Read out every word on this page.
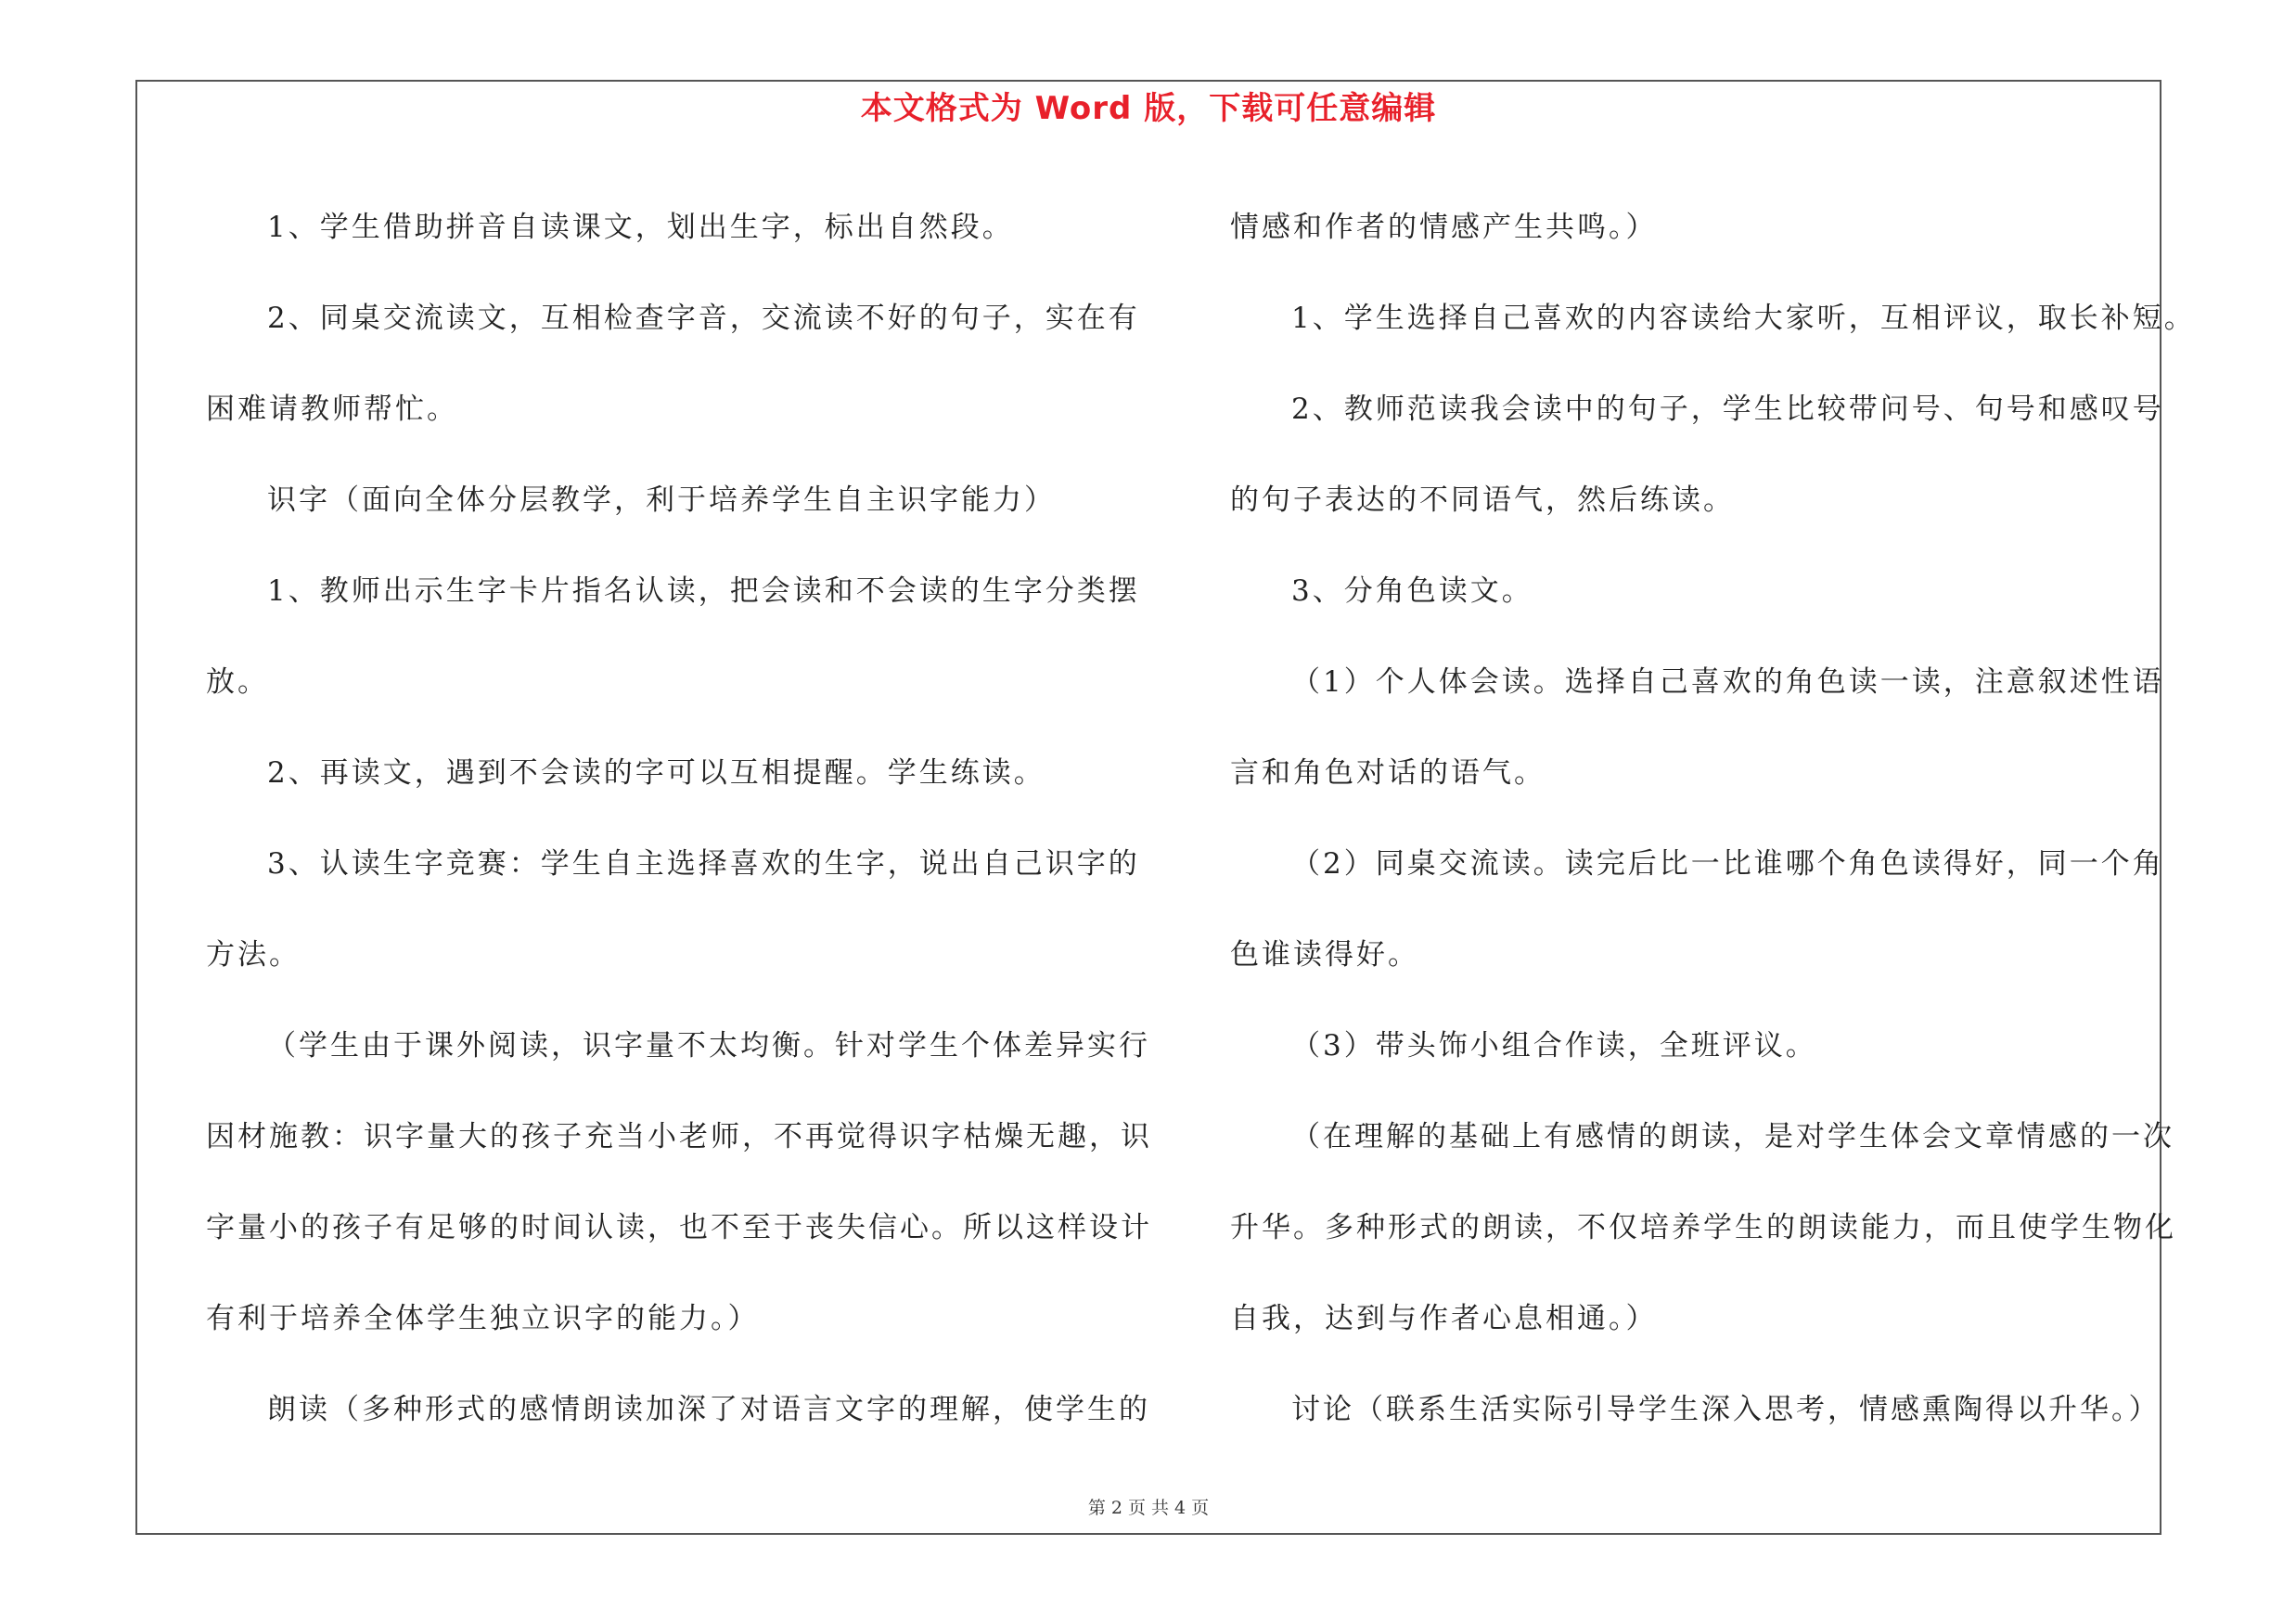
本文格式为 Word 版，下载可任意编辑
1、学生借助拼音自读课文，划出生字，标出自然段。
2、同桌交流读文，互相检查字音，交流读不好的句子，实在有
困难请教师帮忙。
识字（面向全体分层教学，利于培养学生自主识字能力）
1、教师出示生字卡片指名认读，把会读和不会读的生字分类摆
放。
2、再读文，遇到不会读的字可以互相提醒。学生练读。
3、认读生字竞赛：学生自主选择喜欢的生字，说出自己识字的
方法。
（学生由于课外阅读，识字量不太均衡。针对学生个体差异实行
因材施教：识字量大的孩子充当小老师，不再觉得识字枯燥无趣，识
字量小的孩子有足够的时间认读，也不至于丧失信心。所以这样设计
有利于培养全体学生独立识字的能力。）
朗读（多种形式的感情朗读加深了对语言文字的理解，使学生的
情感和作者的情感产生共鸣。）
1、学生选择自己喜欢的内容读给大家听，互相评议，取长补短。
2、教师范读我会读中的句子，学生比较带问号、句号和感叹号
的句子表达的不同语气，然后练读。
3、分角色读文。
（1）个人体会读。选择自己喜欢的角色读一读，注意叙述性语
言和角色对话的语气。
（2）同桌交流读。读完后比一比谁哪个角色读得好，同一个角
色谁读得好。
（3）带头饰小组合作读，全班评议。
（在理解的基础上有感情的朗读，是对学生体会文章情感的一次
升华。多种形式的朗读，不仅培养学生的朗读能力，而且使学生物化
自我，达到与作者心息相通。）
讨论（联系生活实际引导学生深入思考，情感熏陶得以升华。）
第 2 页 共 4 页
